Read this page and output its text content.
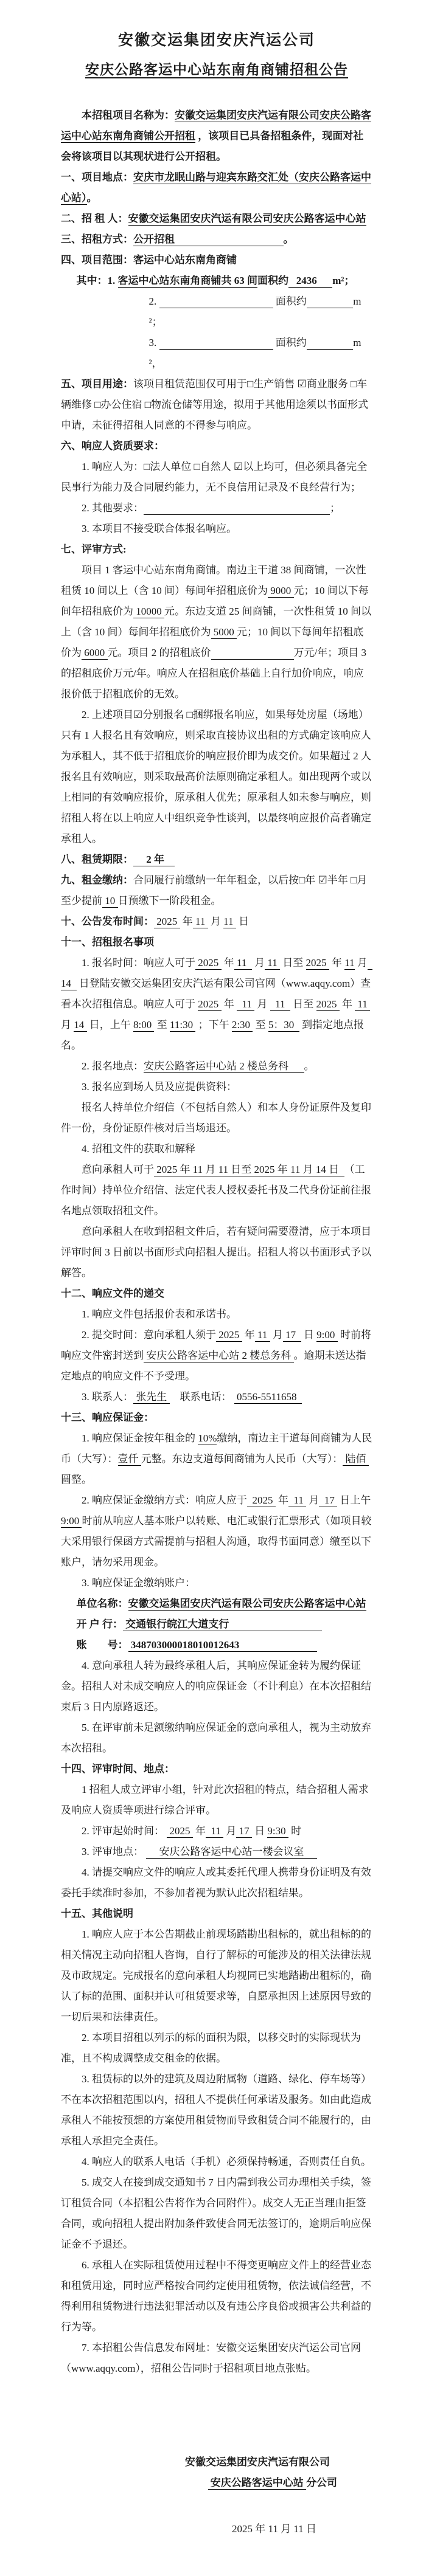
安徽交运集团安庆汽运公司
安庆公路客运中心站东南角商铺招租公告

本招租项目名称为：安徽交运集团安庆汽运有限公司安庆公路客运中心站东南角商铺公开招租 ，该项目已具备招租条件，现面对社会将该项目以其现状进行公开招租。

一、项目地点：安庆市龙眠山路与迎宾东路交汇处（安庆公路客运中心站）。

二、招 租 人：安徽交运集团安庆汽运有限公司安庆公路客运中心站

三、招租方式：公开招租	。

四、项目范围：客运中心站东南角商铺

其中：1. 客运中心站东南角商铺共 63 间面积约   2436      m²；

2.	面积约	m²；

3.	面积约	m²，

五、项目用途：该项目租赁范围仅可用于□生产销售 ☑商业服务 □车辆维修 □办公住宿 □物流仓储等用途，拟用于其他用途须以书面形式申请，未征得招租人同意的不得参与响应。

六、响应人资质要求：

1. 响应人为：□法人单位 □自然人 ☑以上均可，但必须具备完全民事行为能力及合同履约能力，无不良信用记录及不良经营行为；

2. 其他要求：	；

3. 本项目不接受联合体报名响应。

七、评审方式:

项目 1 客运中心站东南角商铺。南边主干道 38 间商铺，一次性租赁 10 间以上（含 10 间）每间年招租底价为 9000 元；10 间以下每间年招租底价为 10000 元。东边支道 25 间商铺，一次性租赁 10 间以上（含 10 间）每间年招租底价为 5000 元；10 间以下每间年招租底价为 6000 元。项目 2 的招租底价	万元/年；项目 3 的招租底价万元/年。响应人在招租底价基础上自行加价响应，响应报价低于招租底价的无效。

2. 上述项目☑分别报名 □捆绑报名响应，如果每处房屋（场地）只有 1 人报名且有效响应，则采取直接协议出租的方式确定该响应人为承租人，其不低于招租底价的响应报价即为成交价。如果超过 2 人报名且有效响应，则采取最高价法原则确定承租人。如出现两个或以上相同的有效响应报价，原承租人优先；原承租人如未参与响应，则招租人将在以上响应人中组织竞争性谈判，以最终响应报价高者确定承租人。

八、租赁期限：     2 年

九、租金缴纳：合同履行前缴纳一年年租金，以后按□年 ☑半年 □月至少提前 10 日预缴下一阶段租金。

十、公告发布时间： 2025  年 11  月 11  日

十一、招租报名事项

1. 报名时间：响应人可于 2025  年 11   月 11  日至 2025  年 11 月  14   日登陆安徽交运集团安庆汽运有限公司官网（www.aqqy.com）查看本次招租信息。响应人可于 2025  年   11  月   11   日至 2025  年  11  月 14  日，上午 8:00  至 11:30  ；下午 2:30  至 5：30   到指定地点报名。

2. 报名地点：安庆公路客运中心站 2 楼总务科      。

3. 报名应到场人员及应提供资料：

报名人持单位介绍信（不包括自然人）和本人身份证原件及复印件一份，身份证原件核对后当场退还。

4. 招租文件的获取和解释

意向承租人可于 2025 年 11 月 11 日至 2025 年 11 月 14 日  （工作时间）持单位介绍信、法定代表人授权委托书及二代身份证前往报名地点领取招租文件。

意向承租人在收到招租文件后，若有疑问需要澄清，应于本项目评审时间 3 日前以书面形式向招租人提出。招租人将以书面形式予以解答。

十二、响应文件的递交

1. 响应文件包括报价表和承诺书。

2. 提交时间：意向承租人须于 2025  年 11  月 17   日 9:00  时前将响应文件密封送到 安庆公路客运中心站 2 楼总务科 。逾期未送达指定地点的响应文件不予受理。

3. 联系人： 张先生     联系电话：  0556-5511658

十三、响应保证金：

1. 响应保证金按年租金的 10%缴纳，南边主干道每间商铺为人民币（大写）：壹仟 元整。东边支道每间商铺为人民币（大写）： 陆佰 圆整。

2. 响应保证金缴纳方式：响应人应于  2025  年  11  月  17  日上午 9:00 时前从响应人基本账户以转账、电汇或银行汇票形式（如项目较大采用银行保函方式需提前与招租人沟通，取得书面同意）缴至以下账户，请勿采用现金。

3. 响应保证金缴纳账户：

单位名称：安徽交运集团安庆汽运有限公司安庆公路客运中心站

开 户 行： 交通银行皖江大道支行

账　　号： 348703000018010012643

4. 意向承租人转为最终承租人后，其响应保证金转为履约保证金。招租人对未成交响应人的响应保证金（不计利息）在本次招租结束后 3 日内原路返还。

5. 在评审前未足额缴纳响应保证金的意向承租人，视为主动放弃本次招租。

十四、评审时间、地点：

1 招租人成立评审小组，针对此次招租的特点，结合招租人需求及响应人资质等项进行综合评审。

2. 评审起始时间：  2025  年  11  月 17  日 9:30  时

3. 评审地点： 　 安庆公路客运中心站一楼会议室 　

4. 请提交响应文件的响应人或其委托代理人携带身份证明及有效委托手续准时参加，不参加者视为默认此次招租结果。

十五、其他说明

1. 响应人应于本公告期截止前现场踏勘出租标的，就出租标的的相关情况主动向招租人咨询，自行了解标的可能涉及的相关法律法规及市政规定。完成报名的意向承租人均视同已实地踏勘出租标的，确认了标的范围、面积并认可租赁要求等，自愿承担因上述原因导致的一切后果和法律责任。

2. 本项目招租以列示的标的面积为限，以移交时的实际现状为准，且不构成调整成交租金的依据。

3. 租赁标的以外的建筑及周边附属物（道路、绿化、停车场等）不在本次招租范围以内，招租人不提供任何承诺及服务。如由此造成承租人不能按预想的方案使用租赁物而导致租赁合同不能履行的，由承租人承担完全责任。

4. 响应人的联系人电话（手机）必须保持畅通，否则责任自负。

5. 成交人在接到成交通知书 7 日内需到我公司办理相关手续，签订租赁合同（本招租公告将作为合同附件）。成交人无正当理由拒签合同，或向招租人提出附加条件致使合同无法签订的，逾期后响应保证金不予退还。

6. 承租人在实际租赁使用过程中不得变更响应文件上的经营业态和租赁用途，同时应严格按合同约定使用租赁物，依法诚信经营，不得利用租赁物进行违法犯罪活动以及有违公序良俗或损害公共利益的行为等。

7. 本招租公告信息发布网址：安徽交运集团安庆汽运公司官网（www.aqqy.com），招租公告同时于招租项目地点张贴。

安徽交运集团安庆汽运有限公司

安庆公路客运中心站 分公司

2025 年 11 月 11 日
